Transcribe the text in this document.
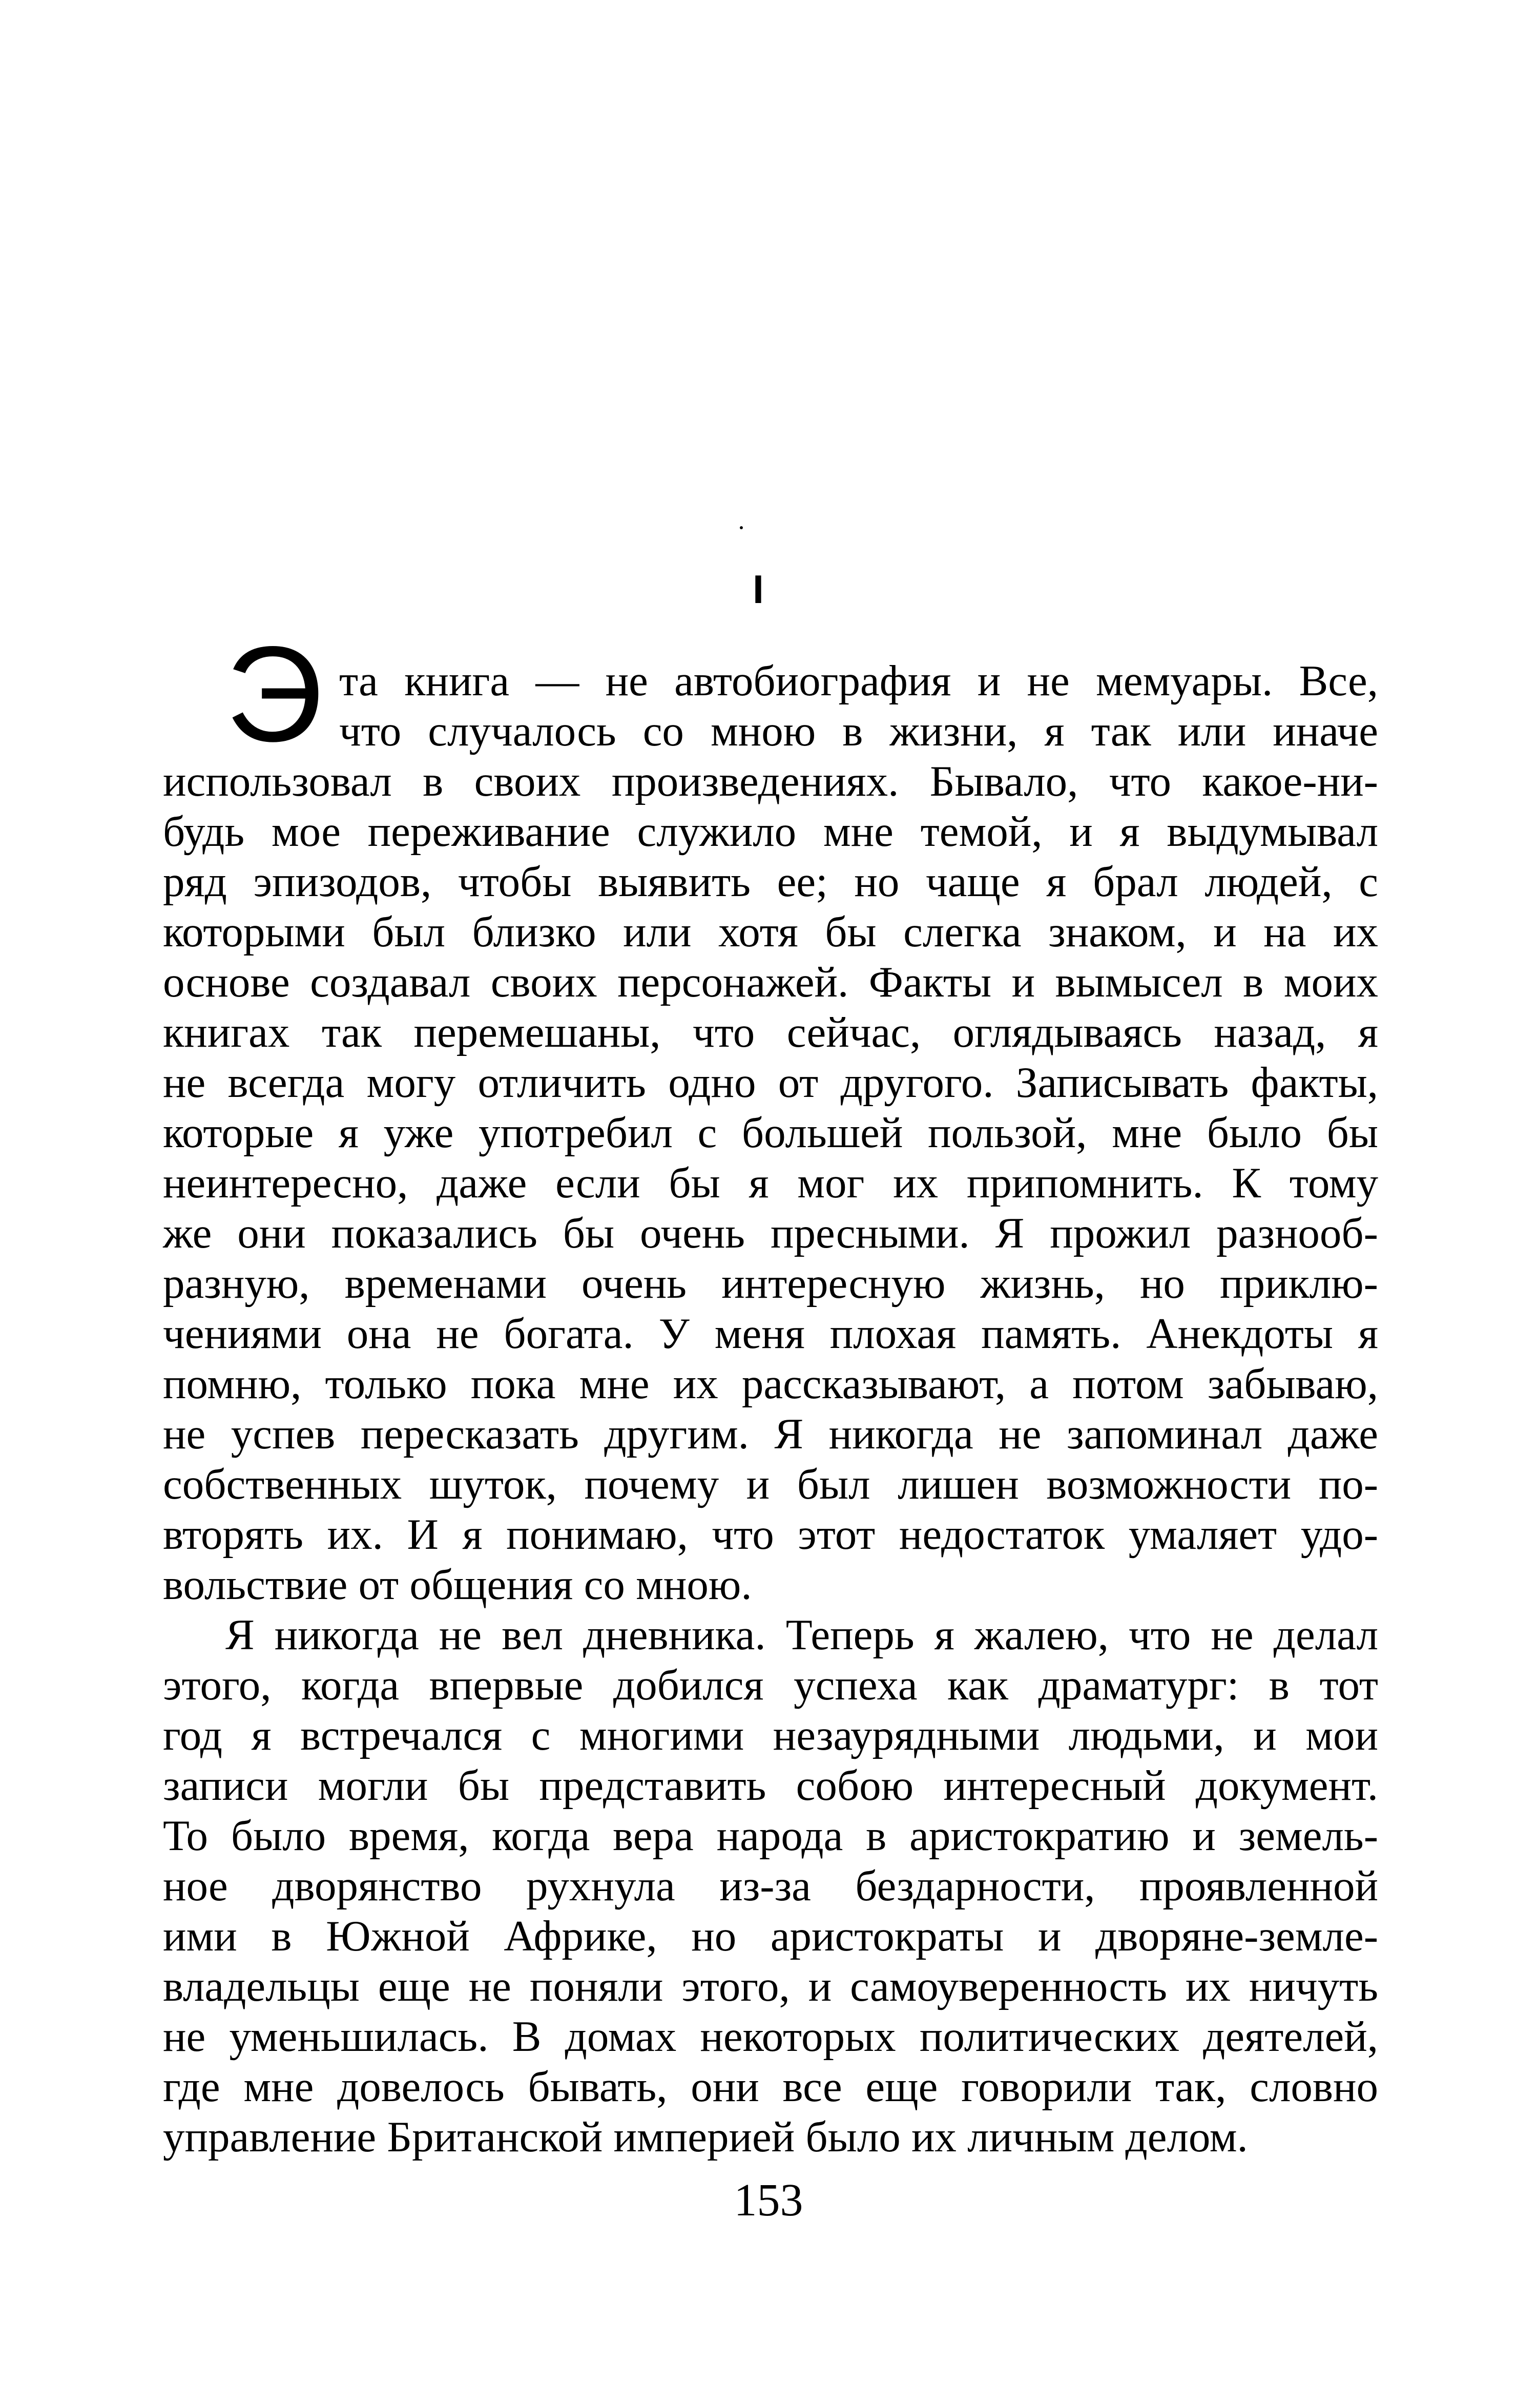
I
Э та книга — не автобиография и не мемуары. Все,
что случалось со мною в жизни, я так или иначе
использовал в своих произведениях. Бывало, что какое-ни-
будь мое переживание служило мне темой, и я выдумывал
ряд эпизодов, чтобы выявить ее; но чаще я брал людей, с
которыми был близко или хотя бы слегка знаком, и на их
основе создавал своих персонажей. Факты и вымысел в моих
книгах так перемешаны, что сейчас, оглядываясь назад, я
не всегда могу отличить одно от другого. Записывать факты,
которые я уже употребил с большей пользой, мне было бы
неинтересно, даже если бы я мог их припомнить. К тому
же они показались бы очень пресными. Я прожил разнооб-
разную, временами очень интересную жизнь, но приклю-
чениями она не богата. У меня плохая память. Анекдоты я
помню, только пока мне их рассказывают, а потом забываю,
не успев пересказать другим. Я никогда не запоминал даже
собственных шуток, почему и был лишен возможности по-
вторять их. И я понимаю, что этот недостаток умаляет удо-
вольствие от общения со мною.
Я никогда не вел дневника. Теперь я жалею, что не делал
этого, когда впервые добился успеха как драматург: в тот
год я встречался с многими незаурядными людьми, и мои
записи могли бы представить собою интересный документ.
То было время, когда вера народа в аристократию и земель-
ное дворянство рухнула из-за бездарности, проявленной
ими в Южной Африке, но аристократы и дворяне-земле-
владельцы еще не поняли этого, и самоуверенность их ничуть
не уменьшилась. В домах некоторых политических деятелей,
где мне довелось бывать, они все еще говорили так, словно
управление Британской империей было их личным делом.
153
